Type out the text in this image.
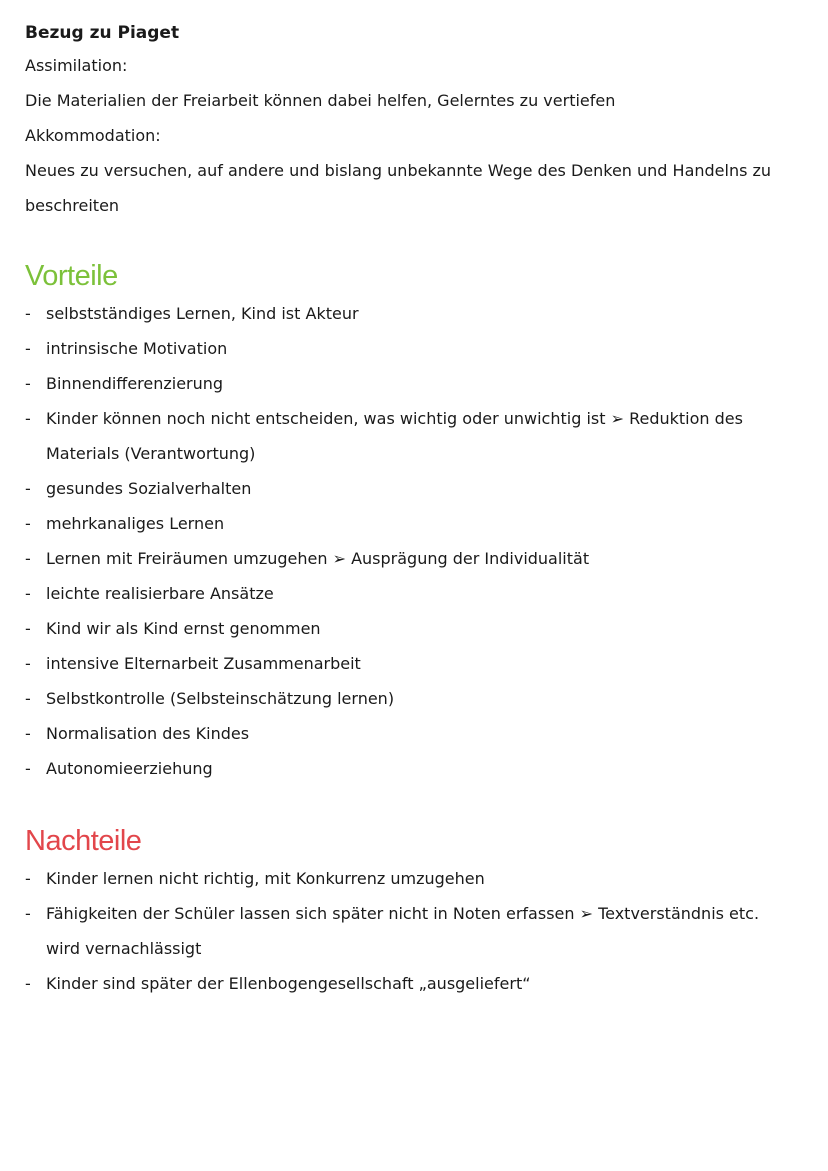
Bezug zu Piaget
Assimilation:
Die Materialien der Freiarbeit können dabei helfen, Gelerntes zu vertiefen
Akkommodation:
Neues zu versuchen, auf andere und bislang unbekannte Wege des Denken und Handelns zu
beschreiten
Vorteile
- selbstständiges Lernen, Kind ist Akteur
- intrinsische Motivation
- Binnendifferenzierung
- Kinder können noch nicht entscheiden, was wichtig oder unwichtig ist ➢ Reduktion des Materials (Verantwortung)
- gesundes Sozialverhalten
- mehrkanaliges Lernen
- Lernen mit Freiräumen umzugehen ➢ Ausprägung der Individualität
- leichte realisierbare Ansätze
- Kind wir als Kind ernst genommen
- intensive Elternarbeit Zusammenarbeit
- Selbstkontrolle (Selbsteinschätzung lernen)
- Normalisation des Kindes
- Autonomieerziehung
Nachteile
- Kinder lernen nicht richtig, mit Konkurrenz umzugehen
- Fähigkeiten der Schüler lassen sich später nicht in Noten erfassen ➢ Textverständnis etc. wird vernachlässigt
- Kinder sind später der Ellenbogengesellschaft „ausgeliefert“
